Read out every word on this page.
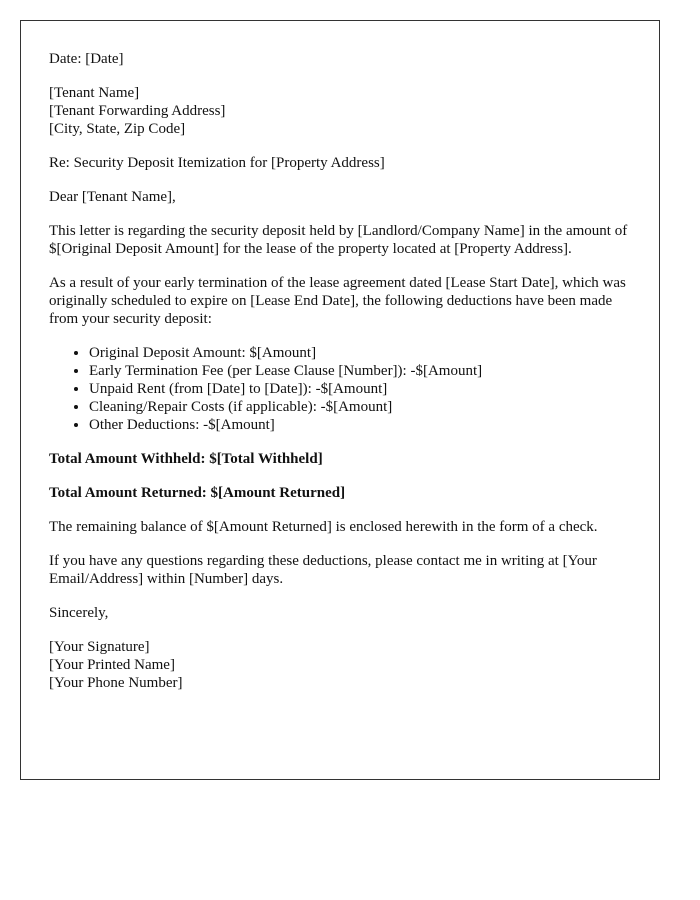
Date: [Date]

[Tenant Name]
[Tenant Forwarding Address]
[City, State, Zip Code]

Re: Security Deposit Itemization for [Property Address]

Dear [Tenant Name],

This letter is regarding the security deposit held by [Landlord/Company Name] in the amount of $[Original Deposit Amount] for the lease of the property located at [Property Address].

As a result of your early termination of the lease agreement dated [Lease Start Date], which was originally scheduled to expire on [Lease End Date], the following deductions have been made from your security deposit:

• Original Deposit Amount: $[Amount]
• Early Termination Fee (per Lease Clause [Number]): -$[Amount]
• Unpaid Rent (from [Date] to [Date]): -$[Amount]
• Cleaning/Repair Costs (if applicable): -$[Amount]
• Other Deductions: -$[Amount]

Total Amount Withheld: $[Total Withheld]

Total Amount Returned: $[Amount Returned]

The remaining balance of $[Amount Returned] is enclosed herewith in the form of a check.

If you have any questions regarding these deductions, please contact me in writing at [Your Email/Address] within [Number] days.

Sincerely,

[Your Signature]
[Your Printed Name]
[Your Phone Number]
